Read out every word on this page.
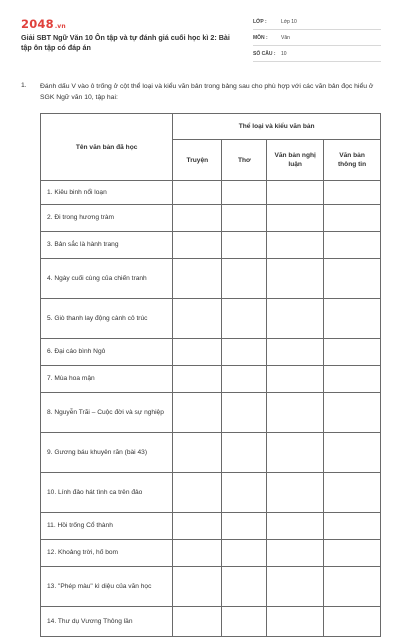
2048.vn
Giải SBT Ngữ Văn 10 Ôn tập và tự đánh giá cuối học kì 2: Bài tập ôn tập có đáp án
LỚP :	Lớp 10
MÔN :	Văn
SỐ CÂU :	10
1. Đánh dấu V vào ô trống ở cột thể loại và kiểu văn bản trong bảng sau cho phù hợp với các văn bản đọc hiểu ở SGK Ngữ văn 10, tập hai:
Tên văn bản đã học	Thể loại và kiểu văn bản			
	Truyện	Thơ	Văn bản nghị luận	Văn bản thông tin
1. Kiêu binh nổi loạn				
2. Đi trong hương tràm				
3. Bản sắc là hành trang				
4. Ngày cuối cùng của chiến tranh				
5. Giò thanh lay động cành cô trúc				
6. Đại cáo bình Ngô				
7. Mùa hoa mận				
8. Nguyễn Trãi – Cuộc đời và sự nghiệp				
9. Gương báu khuyên răn (bài 43)				
10. Lính đảo hát tình ca trên đảo				
11. Hồi trống Cổ thành				
12. Khoảng trời, hố bom				
13. "Phép màu" kì diệu của văn học				
14. Thư dụ Vương Thông lần				
